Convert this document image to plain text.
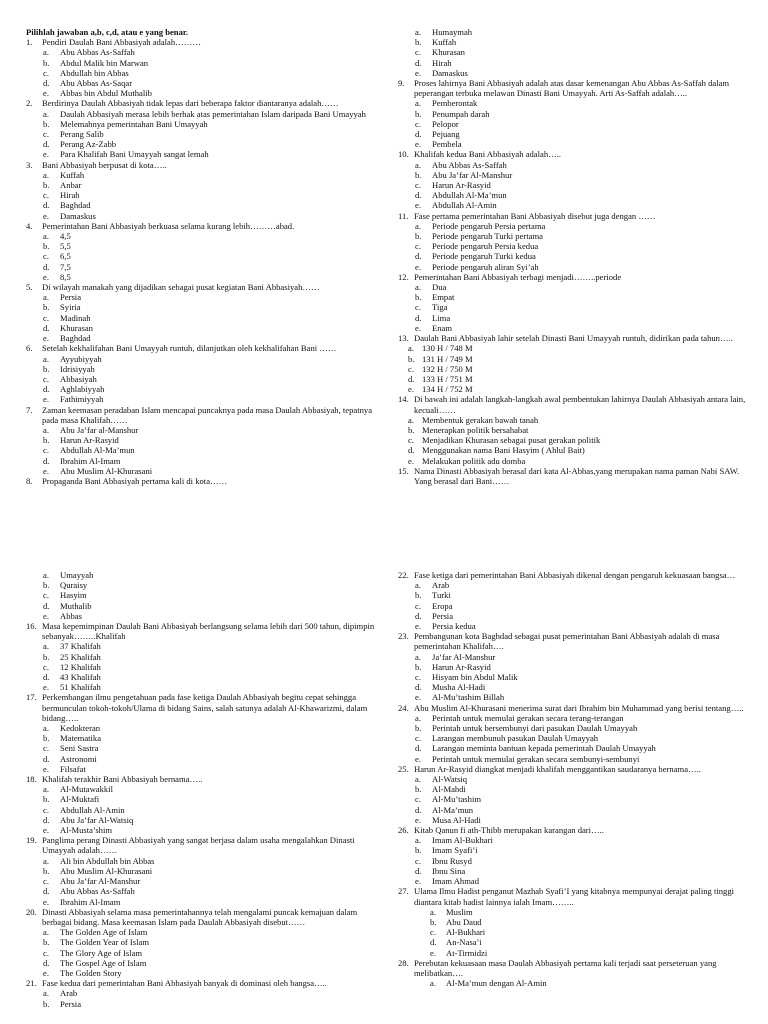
Pilihlah jawaban a,b, c,d, atau e yang benar.
1. Pendiri Daulah Bani Abbasiyah adalah………
a. Abu Abbas As-Saffah
b. Abdul Malik bin Marwan
c. Abdullah bin Abbas
d. Abu Abbas As-Saqar
e. Abbas bin Abdul Muthalib
2. Berdirinya Daulah Abbasiyah tidak lepas dari beberapa faktor diantaranya adalah……
a. Daulah Abbasiyah merasa lebih berhak atas pemerintahan Islam daripada Bani Umayyah
b. Melemahnya pemerintahan Bani Umayyah
c. Perang Salib
d. Perang Az-Zabb
e. Para Khalifah Bani Umayyah sangat lemah
3. Bani Abbasiyah berpusat di kota…..
a. Kuffah
b. Anbar
c. Hirah
d. Baghdad
e. Damaskus
4. Pemerintahan Bani Abbasiyah berkuasa selama kurang lebih………abad.
a. 4,5
b. 5,5
c. 6,5
d. 7,5
e. 8,5
5. Di wilayah manakah yang dijadikan sebagai pusat kegiatan Bani Abbasiyah……
a. Persia
b. Syiria
c. Madinah
d. Khurasan
e. Baghdad
6. Setelah kekhalifahan Bani Umayyah runtuh, dilanjutkan oleh kekhalifahan Bani ……
a. Ayyubiyyah
b. Idrisiyyah
c. Abbasiyah
d. Aghlabiyyah
e. Fathimiyyah
7. Zaman keemasan peradaban Islam mencapai puncaknya pada masa Daulah Abbasiyah, tepatnya pada masa Khalifah……
a. Abu Ja’far al-Manshur
b. Harun Ar-Rasyid
c. Abdullah Al-Ma’mun
d. Ibrahim Al-Imam
e. Abu Muslim Al-Khurasani
8. Propaganda Bani Abbasiyah pertama kali di kota……
a. Humaymah
b. Kuffah
c. Khurasan
d. Hirah
e. Damaskus
9. Proses lahirnya Bani Abbasiyah adalah atas dasar kemenangan Abu Abbas As-Saffah dalam peperangan terbuka melawan Dinasti Bani Umayyah. Arti As-Saffah adalah…..
a. Pemberontak
b. Penumpah darah
c. Pelopor
d. Pejuang
e. Pembela
10. Khalifah kedua Bani Abbasiyah adalah…..
a. Abu Abbas As-Saffah
b. Abu Ja’far Al-Manshur
c. Harun Ar-Rasyid
d. Abdullah Al-Ma’mun
e. Abdullah Al-Amin
11. Fase pertama pemerintahan Bani Abbasiyah disebut juga dengan ……
a. Periode pengaruh Persia pertama
b. Periode pengaruh Turki pertama
c. Periode pengaruh Persia kedua
d. Periode pengaruh Turki kedua
e. Periode pengaruh aliran Syi’ah
12. Pemerintahan Bani Abbasiyah terbagi menjadi……..periode
a. Dua
b. Empat
c. Tiga
d. Lima
e. Enam
13. Daulah Bani Abbasiyah lahir setelah Dinasti Bani Umayyah runtuh, didirikan pada tahun…..
a. 130 H / 748 M
b. 131 H / 749 M
c. 132 H / 750 M
d. 133 H / 751 M
e. 134 H / 752 M
14. Di bawah ini adalah langkah-langkah awal pembentukan lahirnya Daulah Abbasiyah antara lain, kecuali……
a. Membentuk gerakan bawah tanah
b. Menerapkan politik bersahabat
c. Menjadikan Khurasan sebagai pusat gerakan politik
d. Menggunakan nama Bani Hasyim ( Ahlul Bait)
e. Melakukan politik adu domba
15. Nama Dinasti Abbasiyah berasal dari kata Al-Abbas,yang merupakan nama paman Nabi SAW. Yang berasal dari Bani……
a. Umayyah
b. Quraisy
c. Hasyim
d. Muthalib
e. Abbas
16. Masa kepemimpinan Daulah Bani Abbasiyah berlangsung selama lebih dari 500 tahun, dipimpin sebanyak……..Khalifah
a. 37 Khalifah
b. 25 Khalifah
c. 12 Khalifah
d. 43 Khalifah
e. 51 Khalifah
17. Perkembangan ilmu pengetahuan pada fase ketiga Daulah Abbasiyah begitu cepat sehingga bermunculan tokoh-tokoh/Ulama di bidang Sains, salah satunya adalah Al-Khawarizmi, dalam bidang…..
a. Kedokteran
b. Matematika
c. Seni Sastra
d. Astronomi
e. Filsafat
18. Khalifah terakhir Bani Abbasiyah bernama…..
a. Al-Mutawakkil
b. Al-Muktafi
c. Abdullah Al-Amin
d. Abu Ja’far Al-Watsiq
e. Al-Musta’shim
19. Panglima perang Dinasti Abbasiyah yang sangat berjasa dalam usaha mengalahkan Dinasti Umayyah adalah……
a. Ali bin Abdullah bin Abbas
b. Abu Muslim Al-Khurasani
c. Abu Ja’far Al-Manshur
d. Abu Abbas As-Saffah
e. Ibrahim Al-Imam
20. Dinasti Abbasiyah selama masa pemerintahannya telah mengalami puncak kemajuan dalam berbagai bidang. Masa keemasan Islam pada Daulah Abbasiyah disebut……
a. The Golden Age of Islam
b. The Golden Year of Islam
c. The Glory Age of Islam
d. The Gospel Age of Islam
e. The Golden Story
21. Fase kedua dari pemerintahan Bani Abbasiyah banyak di dominasi oleh bangsa…..
a. Arab
b. Persia
22. Fase ketiga dari pemerintahan Bani Abbasiyah dikenal dengan pengaruh kekuasaan bangsa…
a. Arab
b. Turki
c. Eropa
d. Persia
e. Persia kedua
23. Pembangunan kota Baghdad sebagai pusat pemerintahan Bani Abbasiyah adalah di masa pemerintahan Khalifah….
a. Ja’far Al-Manshur
b. Harun Ar-Rasyid
c. Hisyam bin Abdul Malik
d. Musha Al-Hadi
e. Al-Mu’tashim Billah
24. Abu Muslim Al-Khurasani menerima surat dari Ibrahim bin Muhammad yang berisi tentang…..
a. Perintah untuk memulai gerakan secara terang-terangan
b. Perintah untuk bersembunyi dari pasukan Daulah Umayyah
c. Larangan membunuh pasukan Daulah Umayyah
d. Larangan meminta bantuan kepada pemerintah Daulah Umayyah
e. Perintah untuk memulai gerakan secara sembunyi-sembunyi
25. Harun Ar-Rasyid diangkat menjadi khalifah menggantikan saudaranya bernama…..
a. Al-Watsiq
b. Al-Mahdi
c. Al-Mu’tashim
d. Al-Ma’mun
e. Musa Al-Hadi
26. Kitab Qanun fi ath-Thibb merupakan karangan dari…..
a. Imam Al-Bukhari
b. Imam Syafi’i
c. Ibnu Rusyd
d. Ibnu Sina
e. Imam Ahmad
27. Ulama Ilmu Hadist penganut Mazhab Syafi’I yang kitabnya mempunyai derajat paling tinggi diantara kitab hadist lainnya ialah Imam……..
a. Muslim
b. Abu Daud
c. Al-Bukhari
d. An-Nasa’i
e. At-Tirmidzi
28. Perebutan kekuasaan masa Daulah Abbasiyah pertama kali terjadi saat perseteruan yang melibatkan….
a. Al-Ma’mun dengan Al-Amin
